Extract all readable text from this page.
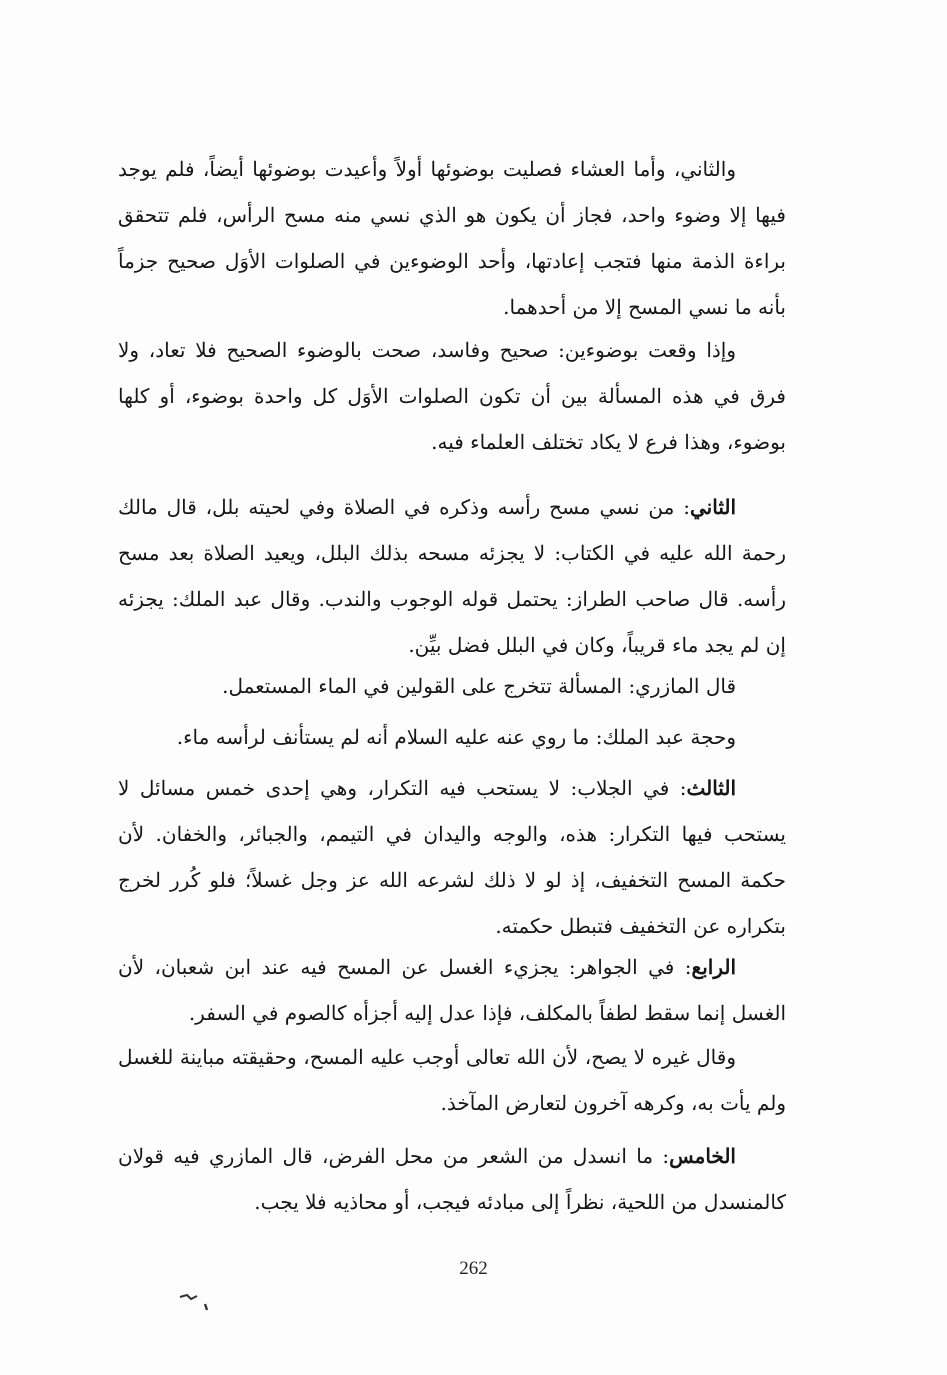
والثاني، وأما العشاء فصليت بوضوئها أولاً وأعيدت بوضوئها أيضاً، فلم يوجد فيها إلا وضوء واحد، فجاز أن يكون هو الذي نسي منه مسح الرأس، فلم تتحقق براءة الذمة منها فتجب إعادتها، وأحد الوضوءين في الصلوات الأوَل صحيح جزماً بأنه ما نسي المسح إلا من أحدهما.

وإذا وقعت بوضوءين: صحيح وفاسد، صحت بالوضوء الصحيح فلا تعاد، ولا فرق في هذه المسألة بين أن تكون الصلوات الأوَل كل واحدة بوضوء، أو كلها بوضوء، وهذا فرع لا يكاد تختلف العلماء فيه.

الثاني: من نسي مسح رأسه وذكره في الصلاة وفي لحيته بلل، قال مالك رحمة الله عليه في الكتاب: لا يجزئه مسحه بذلك البلل، ويعيد الصلاة بعد مسح رأسه. قال صاحب الطراز: يحتمل قوله الوجوب والندب. وقال عبد الملك: يجزئه إن لم يجد ماء قريباً، وكان في البلل فضل بيِّن.

قال المازري: المسألة تتخرج على القولين في الماء المستعمل.

وحجة عبد الملك: ما روي عنه عليه السلام أنه لم يستأنف لرأسه ماء.

الثالث: في الجلاب: لا يستحب فيه التكرار، وهي إحدى خمس مسائل لا يستحب فيها التكرار: هذه، والوجه واليدان في التيمم، والجبائر، والخفان. لأن حكمة المسح التخفيف، إذ لو لا ذلك لشرعه الله عز وجل غسلاً؛ فلو كُرر لخرج بتكراره عن التخفيف فتبطل حكمته.

الرابع: في الجواهر: يجزيء الغسل عن المسح فيه عند ابن شعبان، لأن الغسل إنما سقط لطفاً بالمكلف، فإذا عدل إليه أجزأه كالصوم في السفر.

وقال غيره لا يصح، لأن الله تعالى أوجب عليه المسح، وحقيقته مباينة للغسل ولم يأت به، وكرهه آخرون لتعارض المآخذ.

الخامس: ما انسدل من الشعر من محل الفرض، قال المازري فيه قولان كالمنسدل من اللحية، نظراً إلى مبادئه فيجب، أو محاذيه فلا يجب.

262
